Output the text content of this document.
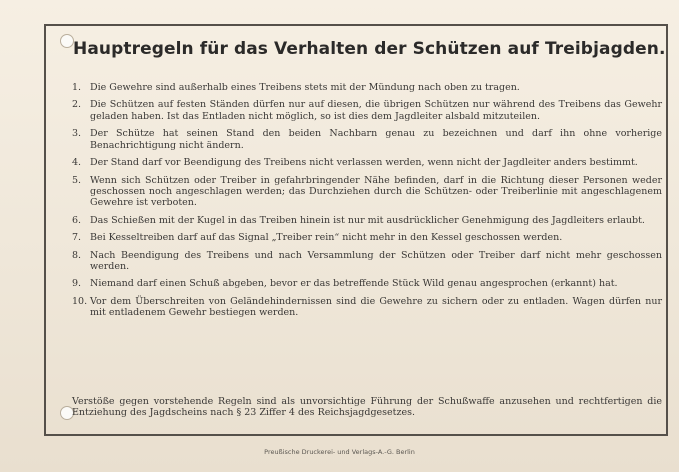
Hauptregeln für das Verhalten der Schützen auf Treibjagden.
1. Die Gewehre sind außerhalb eines Treibens stets mit der Mündung nach oben zu tragen.
2. Die Schützen auf festen Ständen dürfen nur auf diesen, die übrigen Schützen nur während des Treibens das Gewehr geladen haben. Ist das Entladen nicht möglich, so ist dies dem Jagdleiter alsbald mitzuteilen.
3. Der Schütze hat seinen Stand den beiden Nachbarn genau zu bezeichnen und darf ihn ohne vorherige Benachrichtigung nicht ändern.
4. Der Stand darf vor Beendigung des Treibens nicht verlassen werden, wenn nicht der Jagdleiter anders bestimmt.
5. Wenn sich Schützen oder Treiber in gefahrbringender Nähe befinden, darf in die Richtung dieser Personen weder geschossen noch angeschlagen werden; das Durchziehen durch die Schützen- oder Treiberlinie mit angeschlagenem Gewehre ist verboten.
6. Das Schießen mit der Kugel in das Treiben hinein ist nur mit ausdrücklicher Genehmigung des Jagdleiters erlaubt.
7. Bei Kesseltreiben darf auf das Signal „Treiber rein“ nicht mehr in den Kessel geschossen werden.
8. Nach Beendigung des Treibens und nach Versammlung der Schützen oder Treiber darf nicht mehr geschossen werden.
9. Niemand darf einen Schuß abgeben, bevor er das betreffende Stück Wild genau angesprochen (erkannt) hat.
10. Vor dem Überschreiten von Geländehindernissen sind die Gewehre zu sichern oder zu entladen. Wagen dürfen nur mit entladenem Gewehr bestiegen werden.
Verstöße gegen vorstehende Regeln sind als unvorsichtige Führung der Schußwaffe anzusehen und rechtfertigen die Entziehung des Jagdscheins nach § 23 Ziffer 4 des Reichsjagdgesetzes.
Preußische Druckerei- und Verlags-A.-G. Berlin
